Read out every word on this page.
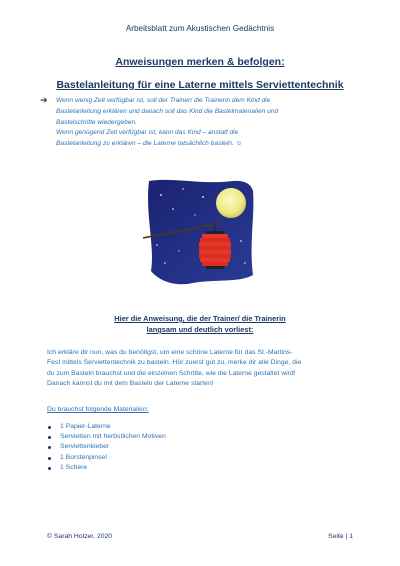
Arbeitsblatt zum Akustischen Gedächtnis
Anweisungen merken & befolgen:
Bastelanleitung für eine Laterne mittels Serviettentechnik
➔ Wenn wenig Zeit verfügbar ist, soll der Trainer/ die Trainerin dem Kind die

Bastelanleitung erklären und danach soll das Kind die Bastelmaterialien und

Bastelschritte wiedergeben.

Wenn genügend Zeit verfügbar ist, kann das Kind – anstatt die

Bastelanleitung zu erklären – die Laterne tatsächlich basteln. ☺

Hier die Anweisung, die der Trainer/ die Trainerin
langsam und deutlich vorliest:
Ich erkläre dir nun, was du benötigst, um eine schöne Laterne für das St.-Martins-
Fest mittels Serviettentechnik zu basteln. Hör zuerst gut zu, merke dir alle Dinge, die
du zum Basteln brauchst und die einzelnen Schritte, wie die Laterne gestaltet wird!
Danach kannst du mit dem Basteln der Laterne starten!
Du brauchst folgende Materialien:
1 Papier-Laterne
Servietten mit herbstlichen Motiven
Serviettenkleber
1 Borstenpinsel
1 Schere
© Sarah Holzer, 2020	Seite | 1
